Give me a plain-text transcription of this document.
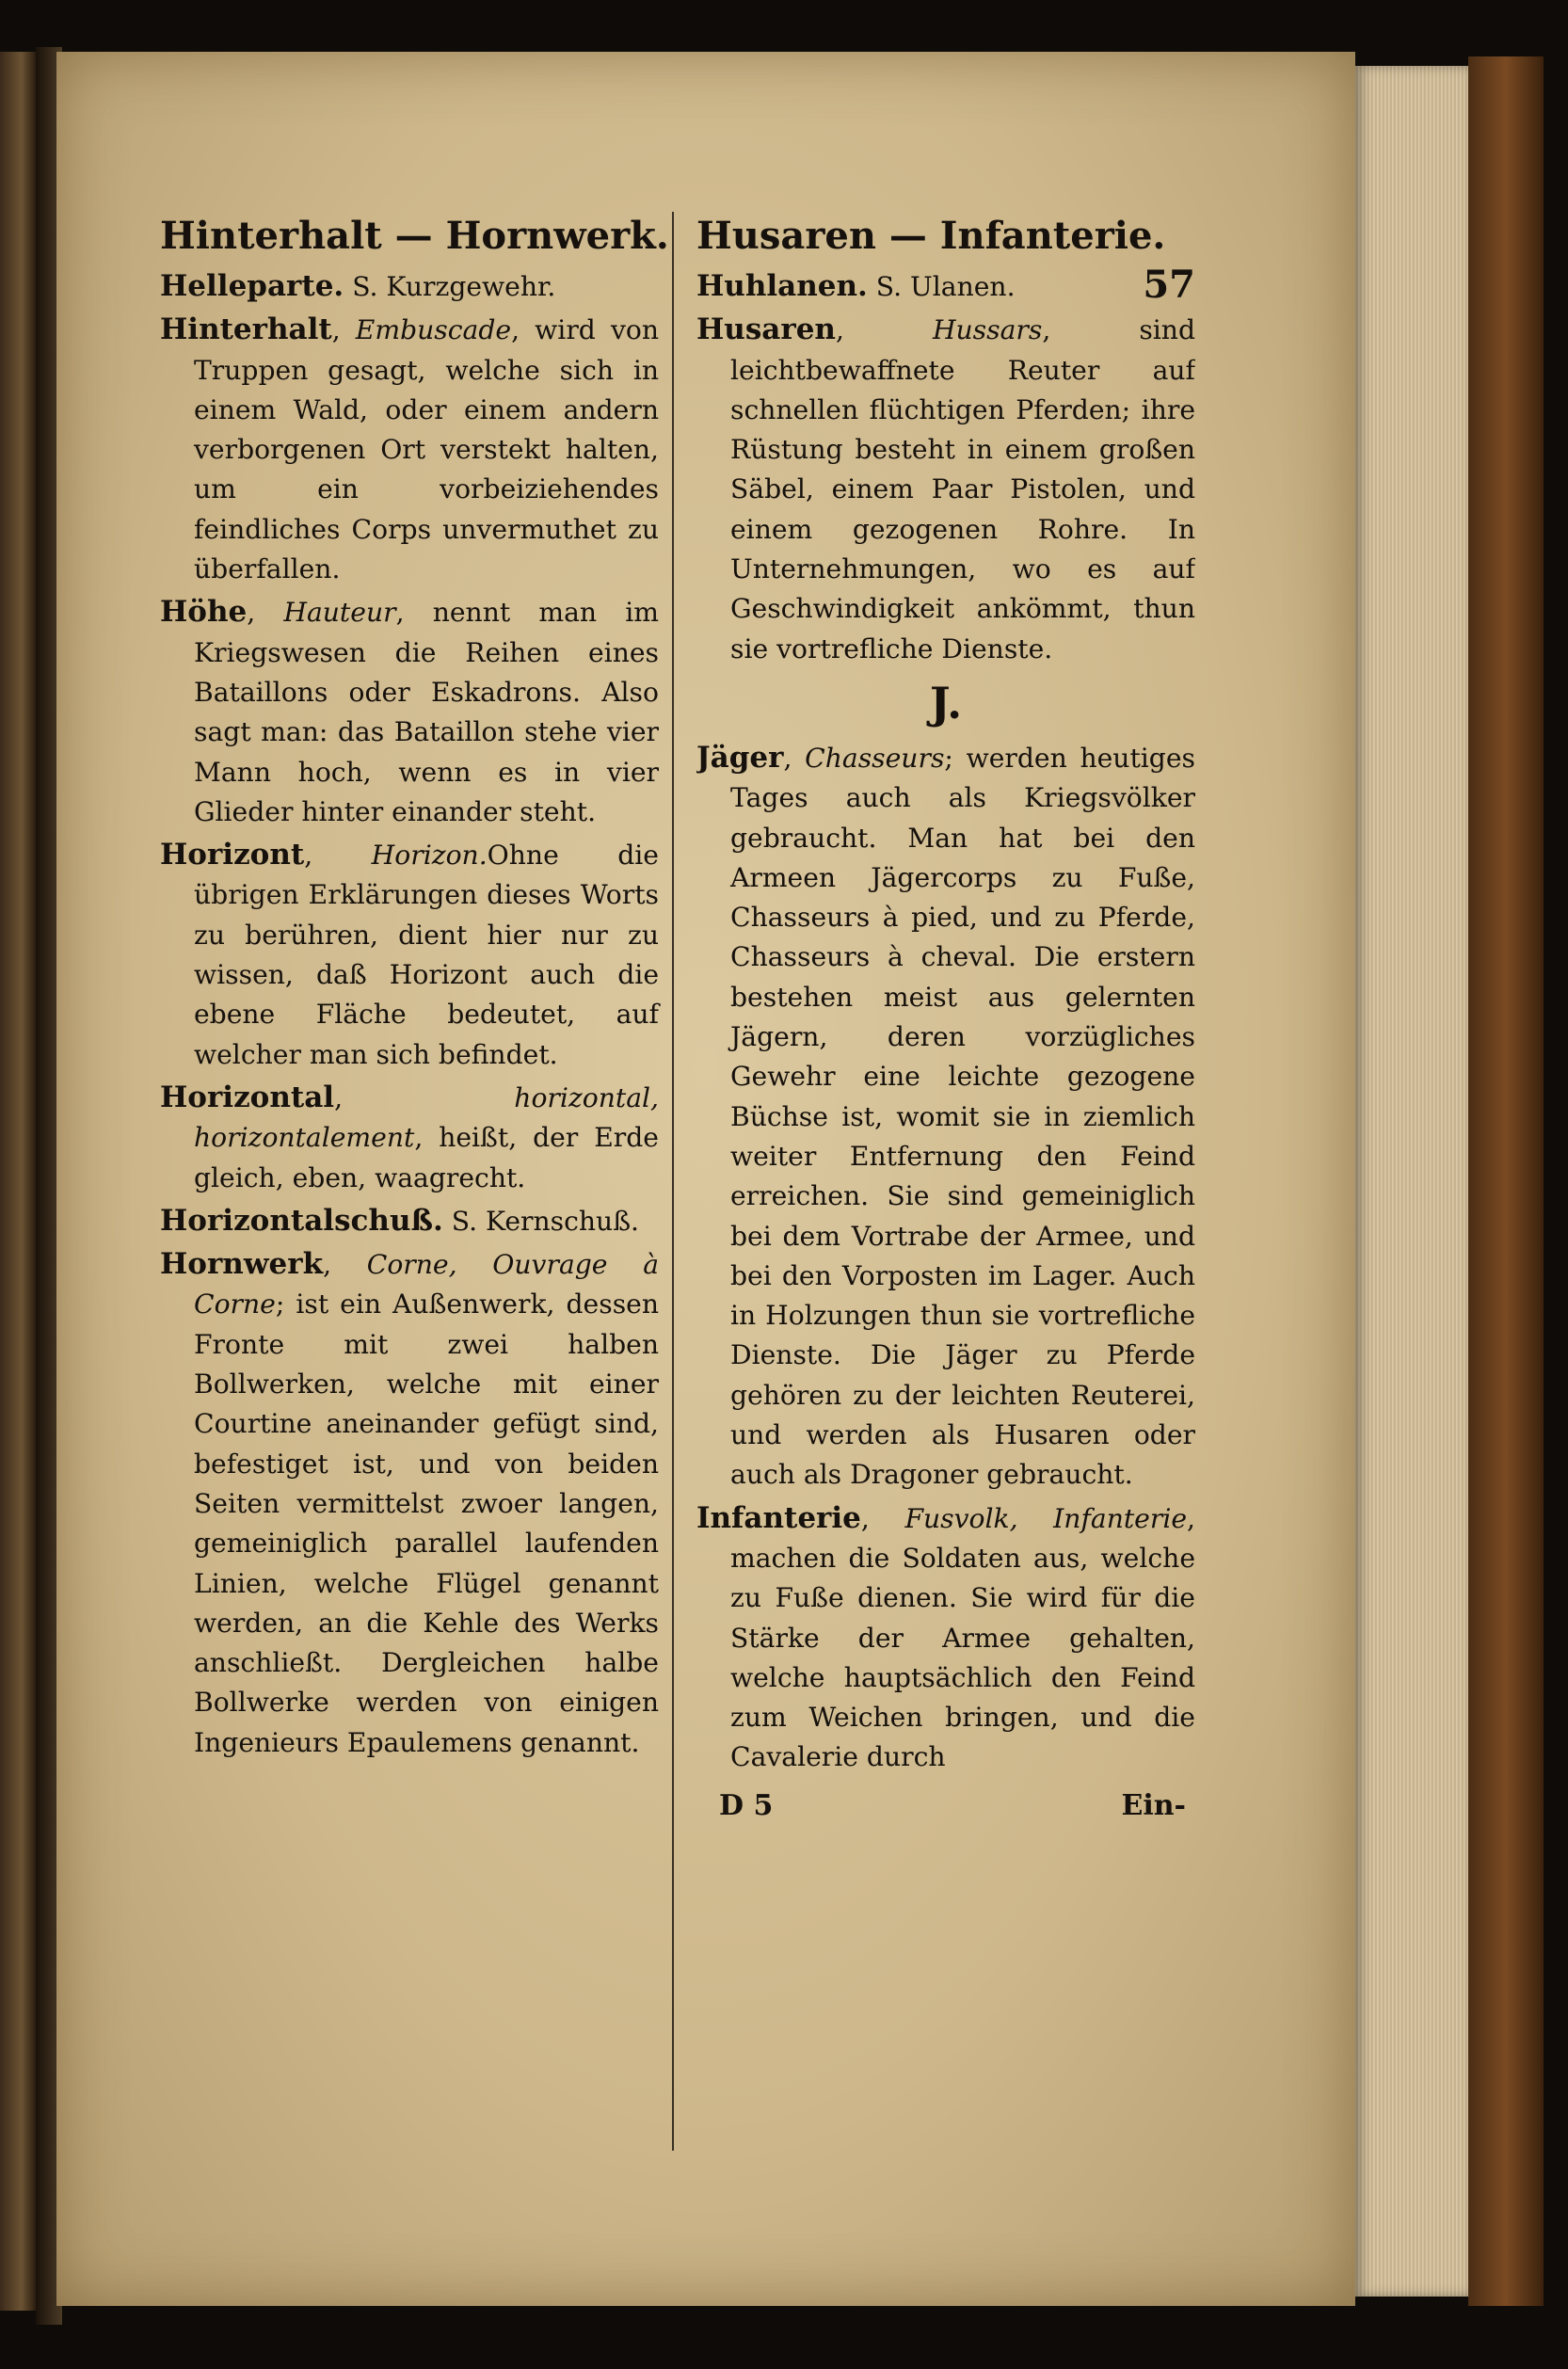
Hinterhalt — Hornwerk.

Helleparte. S. Kurzgewehr.

Hinterhalt, Embuscade, wird von Truppen gesagt, welche sich in einem Wald, oder einem andern verborgenen Ort verstekt halten, um ein vorbeiziehendes feindliches Corps unvermuthet zu überfallen.

Höhe, Hauteur, nennt man im Kriegswesen die Reihen eines Bataillons oder Eskadrons. Also sagt man: das Bataillon stehe vier Mann hoch, wenn es in vier Glieder hinter einander steht.

Horizont, Horizon.Ohne die übrigen Erklärungen dieses Worts zu berühren, dient hier nur zu wissen, daß Horizont auch die ebene Fläche bedeutet, auf welcher man sich befindet.

Horizontal, horizontal, horizontalement, heißt, der Erde gleich, eben, waagrecht.

Horizontalschuß. S. Kernschuß.

Hornwerk, Corne, Ouvrage à Corne; ist ein Außenwerk, dessen Fronte mit zwei halben Bollwerken, welche mit einer Courtine aneinander gefügt sind, befestiget ist, und von beiden Seiten vermittelst zwoer langen, gemeiniglich parallel laufenden Linien, welche Flügel genannt werden, an die Kehle des Werks anschließt. Dergleichen halbe Bollwerke werden von einigen Ingenieurs Epaulemens genannt.

Husaren — Infanterie.
57

Huhlanen. S. Ulanen.

Husaren, Hussars, sind leichtbewaffnete Reuter auf schnellen flüchtigen Pferden; ihre Rüstung besteht in einem großen Säbel, einem Paar Pistolen, und einem gezogenen Rohre. In Unternehmungen, wo es auf Geschwindigkeit ankömmt, thun sie vortrefliche Dienste.

J.

Jäger, Chasseurs; werden heutiges Tages auch als Kriegsvölker gebraucht. Man hat bei den Armeen Jägercorps zu Fuße, Chasseurs à pied, und zu Pferde, Chasseurs à cheval. Die erstern bestehen meist aus gelernten Jägern, deren vorzügliches Gewehr eine leichte gezogene Büchse ist, womit sie in ziemlich weiter Entfernung den Feind erreichen. Sie sind gemeiniglich bei dem Vortrabe der Armee, und bei den Vorposten im Lager. Auch in Holzungen thun sie vortrefliche Dienste. Die Jäger zu Pferde gehören zu der leichten Reuterei, und werden als Husaren oder auch als Dragoner gebraucht.

Infanterie, Fusvolk, Infanterie, machen die Soldaten aus, welche zu Fuße dienen. Sie wird für die Stärke der Armee gehalten, welche hauptsächlich den Feind zum Weichen bringen, und die Cavalerie durch

D 5	Ein-
